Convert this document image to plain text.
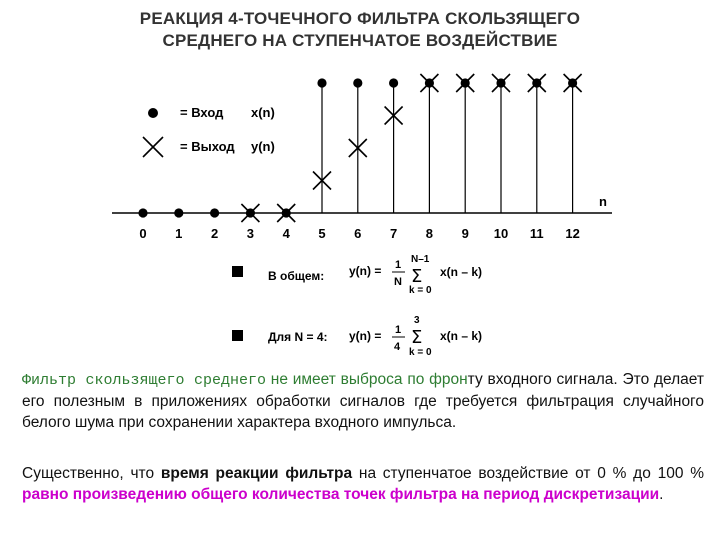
РЕАКЦИЯ 4-ТОЧЕЧНОГО ФИЛЬТРА СКОЛЬЗЯЩЕГО
СРЕДНЕГО НА СТУПЕНЧАТОЕ ВОЗДЕЙСТВИЕ
= Вход x(n)
= Выход y(n)
n
0 1 2 3 4 5 6 7 8 9 10 11 12
В общем: y(n) = 1
N
N–1
Σ
k = 0
x(n – k)
Для N = 4: y(n) = 1
4
3
Σ
k = 0
x(n – k)
Фильтр скользящего среднего не имеет выброса по фронту входного сигнала. Это делает его полезным в приложениях обработки сигналов где требуется фильтрация случайного белого шума при сохранении характера входного импульса.
Существенно, что время реакции фильтра на ступенчатое воздействие от 0 % до 100 % равно произведению общего количества точек фильтра на период дискретизации.
